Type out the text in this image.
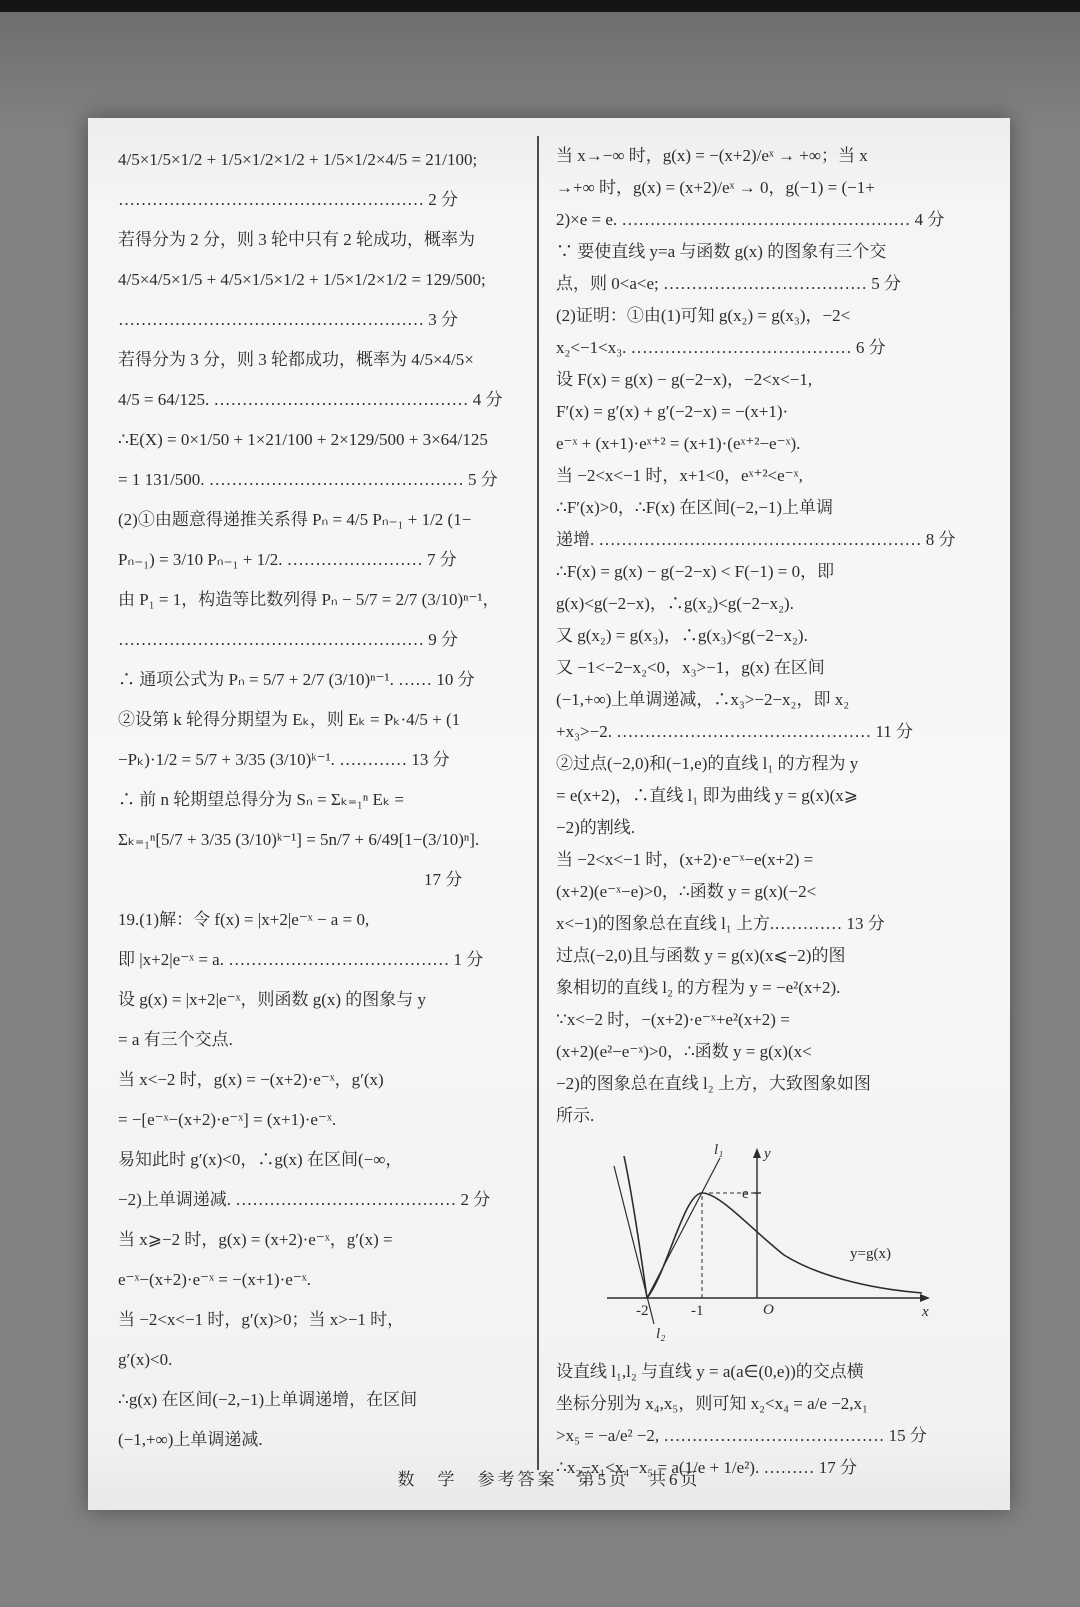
4/5×1/5×1/2 + 1/5×1/2×1/2 + 1/5×1/2×4/5 = 21/100;
……………………………………………… 2 分
若得分为 2 分，则 3 轮中只有 2 轮成功，概率为
4/5×4/5×1/5 + 4/5×1/5×1/2 + 1/5×1/2×1/2 = 129/500;
……………………………………………… 3 分
若得分为 3 分，则 3 轮都成功，概率为 4/5×4/5×
4/5 = 64/125. ……………………………………… 4 分
∴E(X) = 0×1/50 + 1×21/100 + 2×129/500 + 3×64/125
= 1 131/500. ……………………………………… 5 分
(2)①由题意得递推关系得 Pₙ = 4/5 Pₙ₋₁ + 1/2 (1−
Pₙ₋₁) = 3/10 Pₙ₋₁ + 1/2. …………………… 7 分
由 P₁ = 1，构造等比数列得 Pₙ − 5/7 = 2/7 (3/10)ⁿ⁻¹，
……………………………………………… 9 分
∴ 通项公式为 Pₙ = 5/7 + 2/7 (3/10)ⁿ⁻¹. …… 10 分
②设第 k 轮得分期望为 Eₖ，则 Eₖ = Pₖ·4/5 + (1
−Pₖ)·1/2 = 5/7 + 3/35 (3/10)ᵏ⁻¹. ………… 13 分
∴ 前 n 轮期望总得分为 Sₙ = Σₖ₌₁ⁿ Eₖ =
Σₖ₌₁ⁿ[5/7 + 3/35 (3/10)ᵏ⁻¹] = 5n/7 + 6/49[1−(3/10)ⁿ].
　　　　　　　　　　　　　　　　　　17 分
19.(1)解：令 f(x) = |x+2|e⁻ˣ − a = 0,
即 |x+2|e⁻ˣ = a. ………………………………… 1 分
设 g(x) = |x+2|e⁻ˣ，则函数 g(x) 的图象与 y
= a 有三个交点.
当 x<−2 时，g(x) = −(x+2)·e⁻ˣ，g′(x)
= −[e⁻ˣ−(x+2)·e⁻ˣ] = (x+1)·e⁻ˣ.
易知此时 g′(x)<0，∴g(x) 在区间(−∞，
−2)上单调递减. ………………………………… 2 分
当 x⩾−2 时，g(x) = (x+2)·e⁻ˣ，g′(x) =
e⁻ˣ−(x+2)·e⁻ˣ = −(x+1)·e⁻ˣ.
当 −2<x<−1 时，g′(x)>0；当 x>−1 时，
g′(x)<0.
∴g(x) 在区间(−2,−1)上单调递增，在区间
(−1,+∞)上单调递减.
当 x→−∞ 时，g(x) = −(x+2)/eˣ → +∞；当 x
→+∞ 时，g(x) = (x+2)/eˣ → 0，g(−1) = (−1+
2)×e = e. …………………………………………… 4 分
∵ 要使直线 y=a 与函数 g(x) 的图象有三个交
点，则 0<a<e; ……………………………… 5 分
(2)证明：①由(1)可知 g(x₂) = g(x₃)，−2<
x₂<−1<x₃. ………………………………… 6 分
设 F(x) = g(x) − g(−2−x)，−2<x<−1,
F′(x) = g′(x) + g′(−2−x) = −(x+1)·
e⁻ˣ + (x+1)·eˣ⁺² = (x+1)·(eˣ⁺²−e⁻ˣ).
当 −2<x<−1 时，x+1<0，eˣ⁺²<e⁻ˣ,
∴F′(x)>0，∴F(x) 在区间(−2,−1)上单调
递增. ………………………………………………… 8 分
∴F(x) = g(x) − g(−2−x) < F(−1) = 0，即
g(x)<g(−2−x)，∴g(x₂)<g(−2−x₂).
又 g(x₂) = g(x₃)，∴g(x₃)<g(−2−x₂).
又 −1<−2−x₂<0，x₃>−1，g(x) 在区间
(−1,+∞)上单调递减，∴x₃>−2−x₂，即 x₂
+x₃>−2. ……………………………………… 11 分
②过点(−2,0)和(−1,e)的直线 l₁ 的方程为 y
= e(x+2)，∴直线 l₁ 即为曲线 y = g(x)(x⩾
−2)的割线.
当 −2<x<−1 时，(x+2)·e⁻ˣ−e(x+2) =
(x+2)(e⁻ˣ−e)>0，∴函数 y = g(x)(−2<
x<−1)的图象总在直线 l₁ 上方.………… 13 分
过点(−2,0)且与函数 y = g(x)(x⩽−2)的图
象相切的直线 l₂ 的方程为 y = −e²(x+2).
∵x<−2 时，−(x+2)·e⁻ˣ+e²(x+2) =
(x+2)(e²−e⁻ˣ)>0，∴函数 y = g(x)(x<
−2)的图象总在直线 l₂ 上方，大致图象如图
所示.
l₁
l₂
y
x
e
O
-2	-1
y=g(x)
设直线 l₁,l₂ 与直线 y = a(a∈(0,e))的交点横
坐标分别为 x₄,x₅，则可知 x₂<x₄ = a/e −2,x₁
>x₅ = −a/e² −2, ………………………………… 15 分
∴x₂−x₁<x₄−x₅ = a(1/e + 1/e²). ……… 17 分
数　学　参考答案　第5页　共6页
